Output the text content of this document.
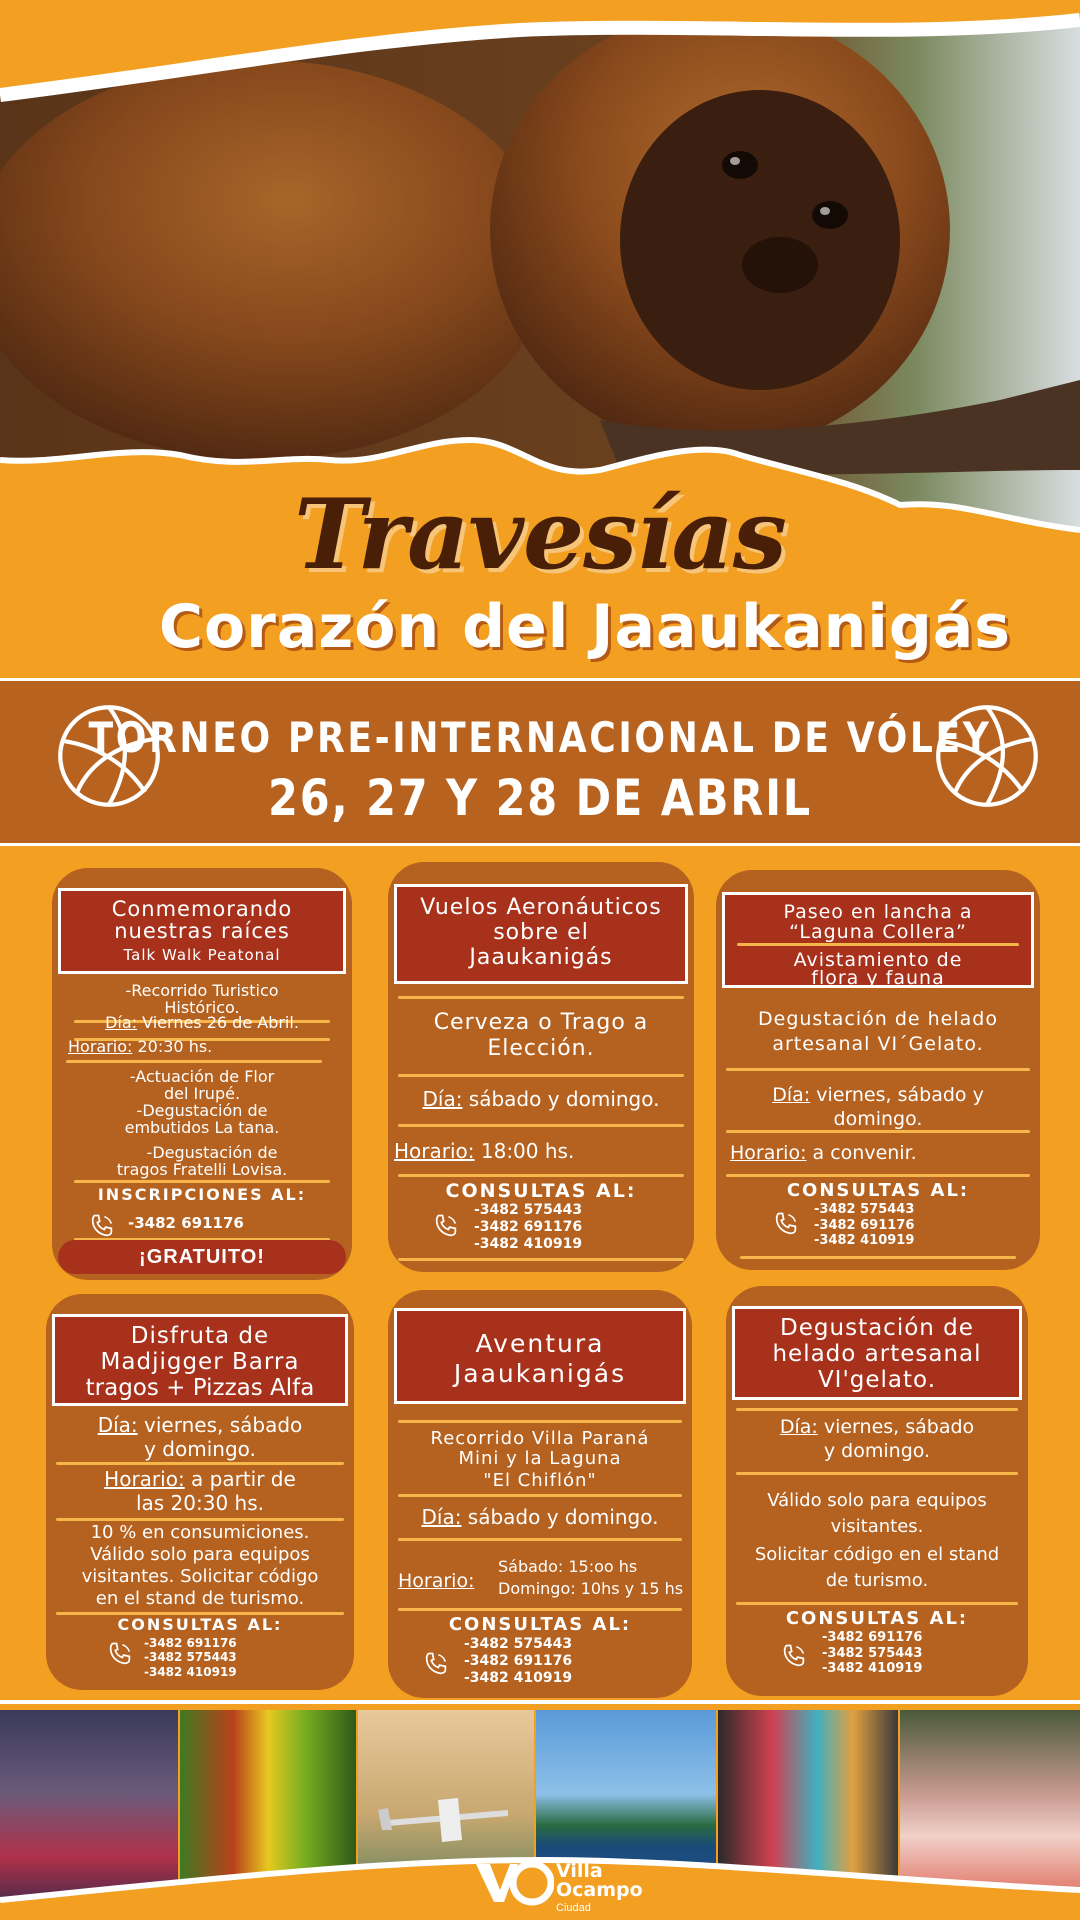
Travesías
Corazón del Jaaukanigás
TORNEO PRE-INTERNACIONAL DE VÓLEY
26, 27 Y 28 DE ABRIL
Conmemorando
nuestras raíces
Talk Walk Peatonal
-Recorrido Turistico
Histórico.
Día: Viernes 26 de Abril.
Horario: 20:30 hs.
-Actuación de Flor
del Irupé.
-Degustación de
embutidos La tana.
-Degustación de
tragos Fratelli Lovisa.
INSCRIPCIONES AL:
-3482 691176
¡GRATUITO!
Vuelos Aeronáuticos
sobre el
Jaaukanigás
Cerveza o Trago a
Elección.
Día: sábado y domingo.
Horario: 18:00 hs.
CONSULTAS AL:
-3482 575443
-3482 691176
-3482 410919
Paseo en lancha a
“Laguna Collera”
Avistamiento de
flora y fauna
Degustación de helado
artesanal VI´Gelato.
Día: viernes, sábado y
domingo.
Horario: a convenir.
CONSULTAS AL:
-3482 575443
-3482 691176
-3482 410919
Disfruta de
Madjigger Barra
tragos + Pizzas Alfa
Día: viernes, sábado
y domingo.
Horario: a partir de
las 20:30 hs.
10 % en consumiciones.
Válido solo para equipos
visitantes. Solicitar código
en el stand de turismo.
CONSULTAS AL:
-3482 691176
-3482 575443
-3482 410919
Aventura
Jaaukanigás
Recorrido Villa Paraná
Mini y la Laguna
"El Chiflón"
Día: sábado y domingo.
Horario:
Sábado: 15:oo hs
Domingo: 10hs y 15 hs
CONSULTAS AL:
-3482 575443
-3482 691176
-3482 410919
Degustación de
helado artesanal
VI'gelato.
Día: viernes, sábado
y domingo.
Válido solo para equipos
visitantes.
Solicitar código en el stand
de turismo.
CONSULTAS AL:
-3482 691176
-3482 575443
-3482 410919
Villa
Ocampo
Ciudad
